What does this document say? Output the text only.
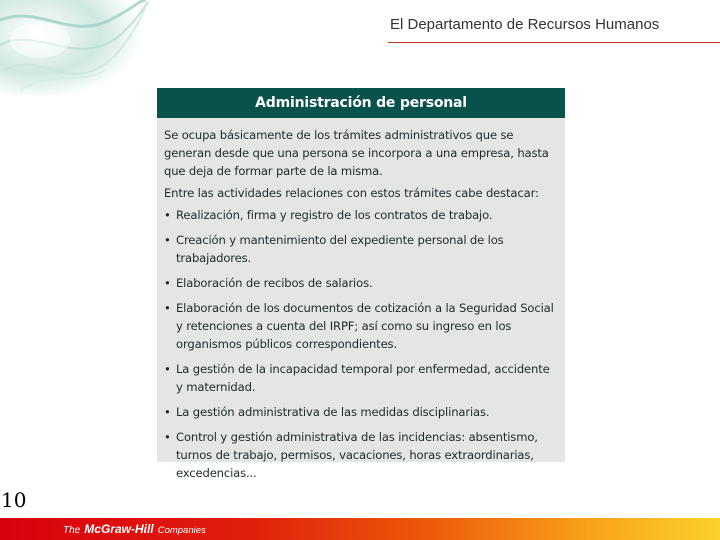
El Departamento de Recursos Humanos
Administración de personal

Se ocupa básicamente de los trámites administrativos que se generan desde que una persona se incorpora a una empresa, hasta que deja de formar parte de la misma.

Entre las actividades relaciones con estos trámites cabe destacar:

• Realización, firma y registro de los contratos de trabajo.
• Creación y mantenimiento del expediente personal de los trabajadores.
• Elaboración de recibos de salarios.
• Elaboración de los documentos de cotización a la Seguridad Social y retenciones a cuenta del IRPF; así como su ingreso en los organismos públicos correspondientes.
• La gestión de la incapacidad temporal por enfermedad, accidente y maternidad.
• La gestión administrativa de las medidas disciplinarias.
• Control y gestión administrativa de las incidencias: absentismo, turnos de trabajo, permisos, vacaciones, horas extraordinarias, excedencias...
10
The McGraw-Hill Companies
